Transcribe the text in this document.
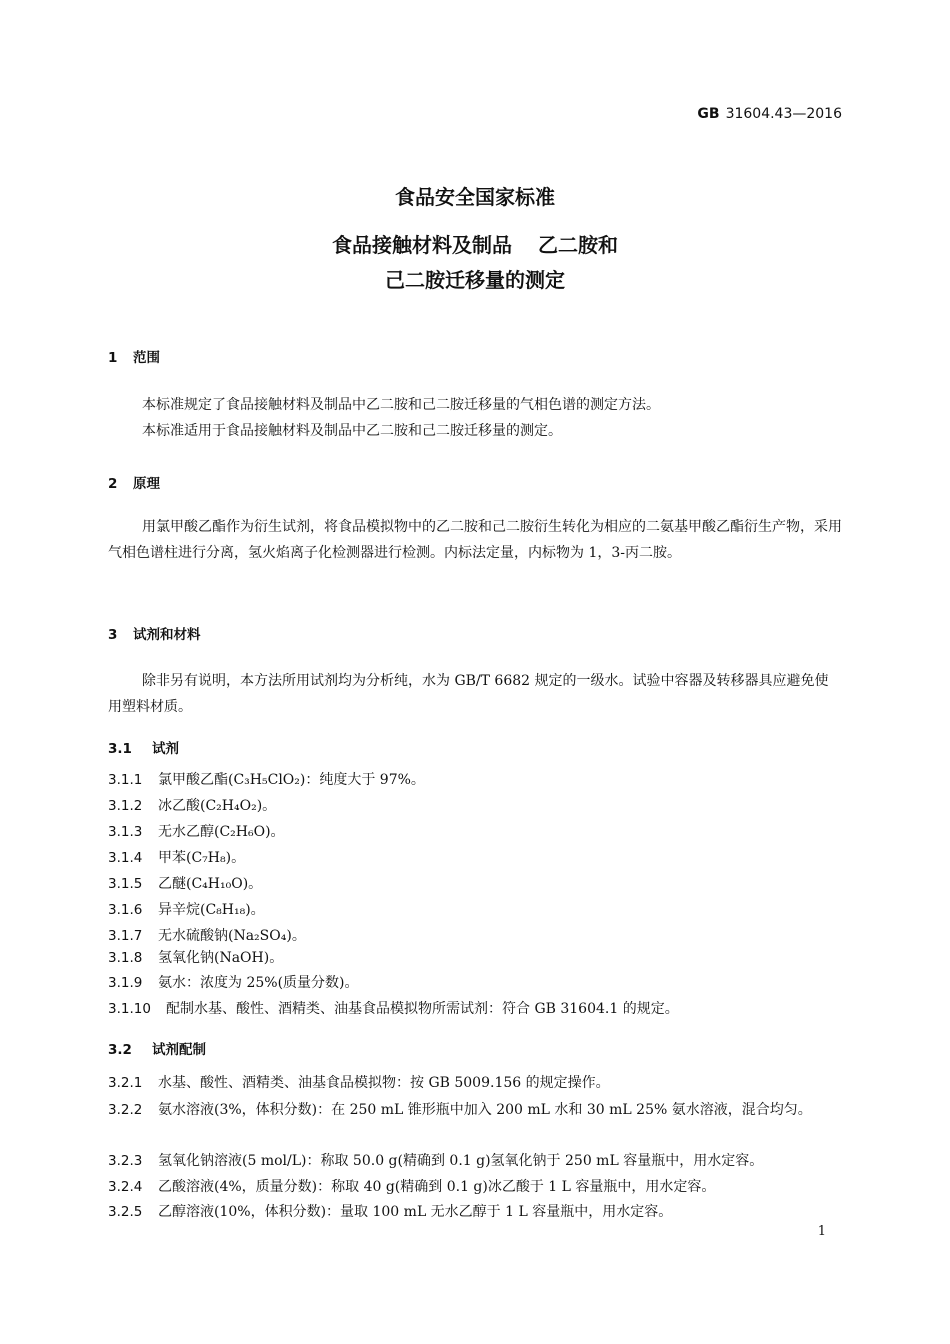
GB 31604.43—2016
食品安全国家标准
食品接触材料及制品 乙二胺和
己二胺迁移量的测定
1 范围
本标准规定了食品接触材料及制品中乙二胺和己二胺迁移量的气相色谱的测定方法。
本标准适用于食品接触材料及制品中乙二胺和己二胺迁移量的测定。
2 原理
用氯甲酸乙酯作为衍生试剂，将食品模拟物中的乙二胺和己二胺衍生转化为相应的二氨基甲酸乙酯衍生产物，采用气相色谱柱进行分离，氢火焰离子化检测器进行检测。内标法定量，内标物为 1，3-丙二胺。
3 试剂和材料
除非另有说明，本方法所用试剂均为分析纯，水为 GB/T 6682 规定的一级水。试验中容器及转移器具应避免使用塑料材质。
3.1 试剂
3.1.1 氯甲酸乙酯(C₃H₅ClO₂)：纯度大于 97%。
3.1.2 冰乙酸(C₂H₄O₂)。
3.1.3 无水乙醇(C₂H₆O)。
3.1.4 甲苯(C₇H₈)。
3.1.5 乙醚(C₄H₁₀O)。
3.1.6 异辛烷(C₈H₁₈)。
3.1.7 无水硫酸钠(Na₂SO₄)。
3.1.8 氢氧化钠(NaOH)。
3.1.9 氨水：浓度为 25%(质量分数)。
3.1.10 配制水基、酸性、酒精类、油基食品模拟物所需试剂：符合 GB 31604.1 的规定。
3.2 试剂配制
3.2.1 水基、酸性、酒精类、油基食品模拟物：按 GB 5009.156 的规定操作。
3.2.2 氨水溶液(3%，体积分数)：在 250 mL 锥形瓶中加入 200 mL 水和 30 mL 25% 氨水溶液，混合均匀。
3.2.3 氢氧化钠溶液(5 mol/L)：称取 50.0 g(精确到 0.1 g)氢氧化钠于 250 mL 容量瓶中，用水定容。
3.2.4 乙酸溶液(4%，质量分数)：称取 40 g(精确到 0.1 g)冰乙酸于 1 L 容量瓶中，用水定容。
3.2.5 乙醇溶液(10%，体积分数)：量取 100 mL 无水乙醇于 1 L 容量瓶中，用水定容。
1
